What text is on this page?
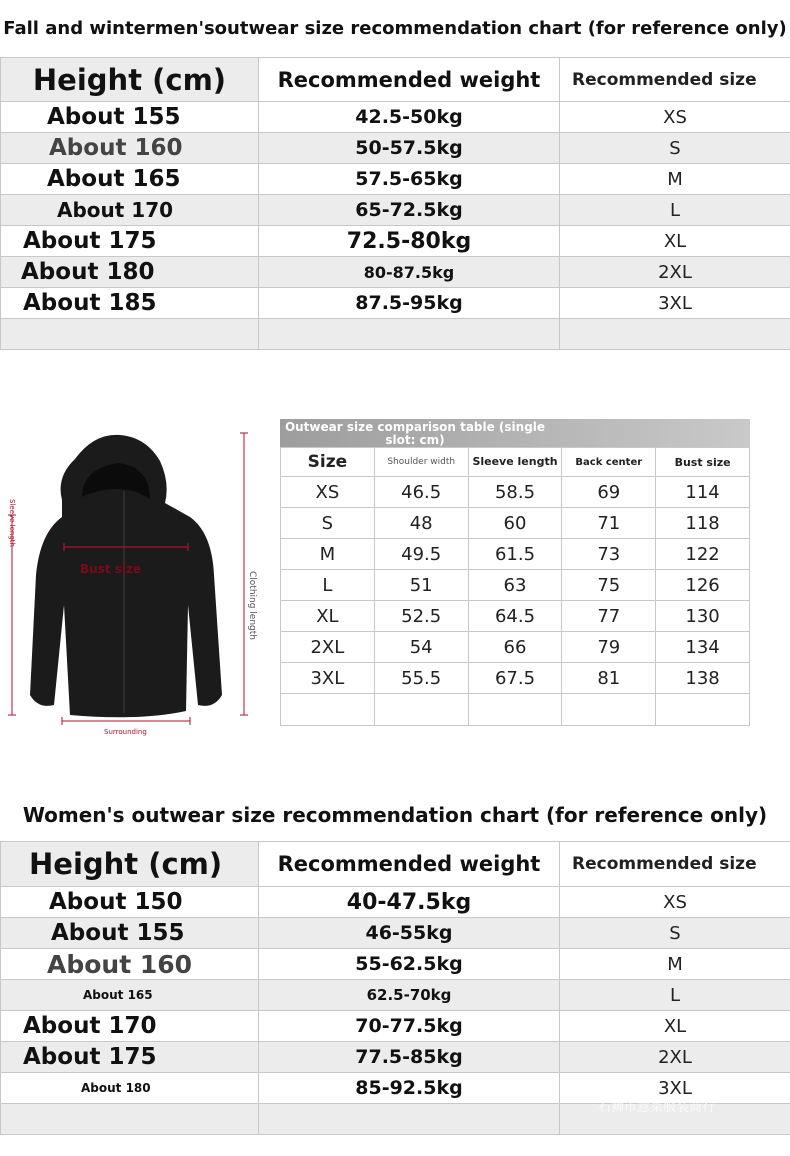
Fall and wintermen'soutwear size recommendation chart (for reference only)
Height (cm)	Recommended weight	Recommended size
About 155	42.5-50kg	XS
About 160	50-57.5kg	S
About 165	57.5-65kg	M
About 170	65-72.5kg	L
About 175	72.5-80kg	XL
About 180	80-87.5kg	2XL
About 185	87.5-95kg	3XL

Sleeve length
Clothing length
Bust size
Surrounding
Outwear size comparison table (single slot: cm)
Size	Shoulder width	Sleeve length	Back center	Bust size
XS	46.5	58.5	69	114
S	48	60	71	118
M	49.5	61.5	73	122
L	51	63	75	126
XL	52.5	64.5	77	130
2XL	54	66	79	134
3XL	55.5	67.5	81	138

Women's outwear size recommendation chart (for reference only)
Height (cm)	Recommended weight	Recommended size
About 150	40-47.5kg	XS
About 155	46-55kg	S
About 160	55-62.5kg	M
About 165	62.5-70kg	L
About 170	70-77.5kg	XL
About 175	77.5-85kg	2XL
About 180	85-92.5kg	3XL

石狮市意菜服装商行
